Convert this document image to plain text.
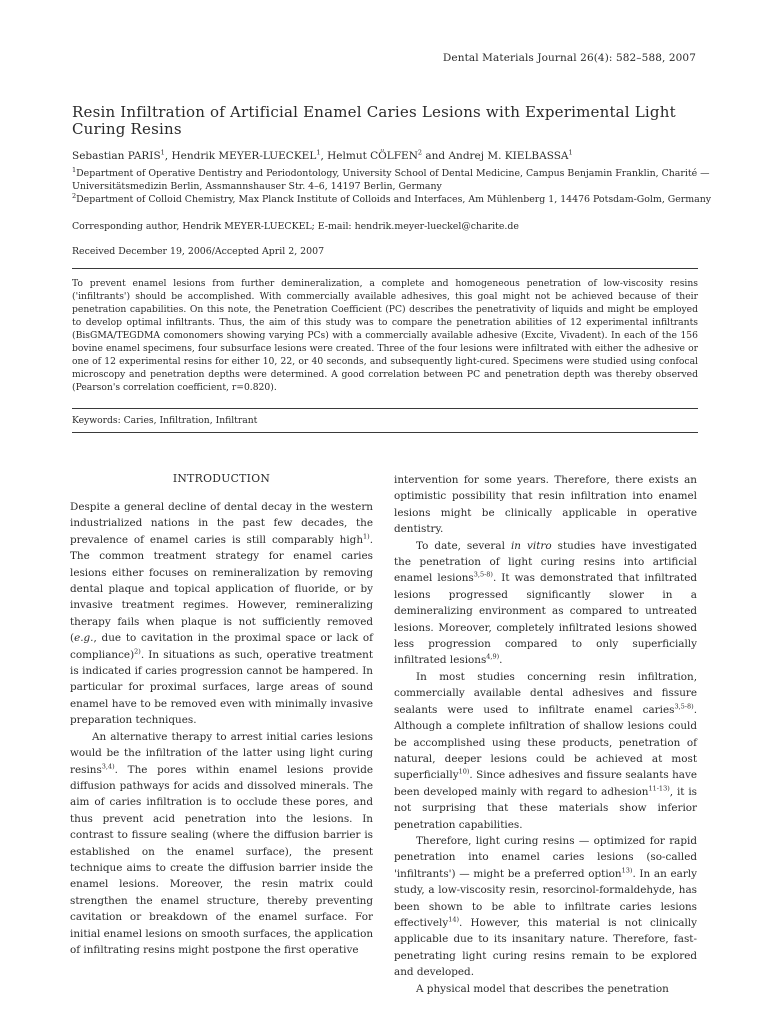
Dental Materials Journal 26(4): 582–588, 2007
Resin Infiltration of Artificial Enamel Caries Lesions with Experimental Light Curing Resins
Sebastian PARIS$^1$, Hendrik MEYER-LUECKEL$^1$, Helmut CÖLFEN$^2$ and Andrej M. KIELBASSA$^1$
$^1$Department of Operative Dentistry and Periodontology, University School of Dental Medicine, Campus Benjamin Franklin, Charité — Universitätsmedizin Berlin, Assmannshauser Str. 4–6, 14197 Berlin, Germany
$^2$Department of Colloid Chemistry, Max Planck Institute of Colloids and Interfaces, Am Mühlenberg 1, 14476 Potsdam-Golm, Germany
Corresponding author, Hendrik MEYER-LUECKEL; E-mail: hendrik.meyer-lueckel@charite.de
Received December 19, 2006/Accepted April 2, 2007

To prevent enamel lesions from further demineralization, a complete and homogeneous penetration of low-viscosity resins ('infiltrants') should be accomplished. With commercially available adhesives, this goal might not be achieved because of their penetration capabilities. On this note, the Penetration Coefficient (PC) describes the penetrativity of liquids and might be employed to develop optimal infiltrants. Thus, the aim of this study was to compare the penetration abilities of 12 experimental infiltrants (BisGMA/TEGDMA comonomers showing varying PCs) with a commercially available adhesive (Excite, Vivadent). In each of the 156 bovine enamel specimens, four subsurface lesions were created. Three of the four lesions were infiltrated with either the adhesive or one of 12 experimental resins for either 10, 22, or 40 seconds, and subsequently light-cured. Specimens were studied using confocal microscopy and penetration depths were determined. A good correlation between PC and penetration depth was thereby observed (Pearson's correlation coefficient, r=0.820).

Keywords: Caries, Infiltration, Infiltrant

INTRODUCTION

Despite a general decline of dental decay in the western industrialized nations in the past few decades, the prevalence of enamel caries is still comparably high$^{1)}$. The common treatment strategy for enamel caries lesions either focuses on remineralization by removing dental plaque and topical application of fluoride, or by invasive treatment regimes. However, remineralizing therapy fails when plaque is not sufficiently removed (e.g., due to cavitation in the proximal space or lack of compliance)$^{2)}$. In situations as such, operative treatment is indicated if caries progression cannot be hampered. In particular for proximal surfaces, large areas of sound enamel have to be removed even with minimally invasive preparation techniques.

An alternative therapy to arrest initial caries lesions would be the infiltration of the latter using light curing resins$^{3,4)}$. The pores within enamel lesions provide diffusion pathways for acids and dissolved minerals. The aim of caries infiltration is to occlude these pores, and thus prevent acid penetration into the lesions. In contrast to fissure sealing (where the diffusion barrier is established on the enamel surface), the present technique aims to create the diffusion barrier inside the enamel lesions. Moreover, the resin matrix could strengthen the enamel structure, thereby preventing cavitation or breakdown of the enamel surface. For initial enamel lesions on smooth surfaces, the application of infiltrating resins might postpone the first operative

intervention for some years. Therefore, there exists an optimistic possibility that resin infiltration into enamel lesions might be clinically applicable in operative dentistry.

To date, several in vitro studies have investigated the penetration of light curing resins into artificial enamel lesions$^{3,5-8)}$. It was demonstrated that infiltrated lesions progressed significantly slower in a demineralizing environment as compared to untreated lesions. Moreover, completely infiltrated lesions showed less progression compared to only superficially infiltrated lesions$^{4,9)}$.

In most studies concerning resin infiltration, commercially available dental adhesives and fissure sealants were used to infiltrate enamel caries$^{3,5-8)}$. Although a complete infiltration of shallow lesions could be accomplished using these products, penetration of natural, deeper lesions could be achieved at most superficially$^{10)}$. Since adhesives and fissure sealants have been developed mainly with regard to adhesion$^{11-13)}$, it is not surprising that these materials show inferior penetration capabilities.

Therefore, light curing resins — optimized for rapid penetration into enamel caries lesions (so-called 'infiltrants') — might be a preferred option$^{13)}$. In an early study, a low-viscosity resin, resorcinol-formaldehyde, has been shown to be able to infiltrate caries lesions effectively$^{14)}$. However, this material is not clinically applicable due to its insanitary nature. Therefore, fast-penetrating light curing resins remain to be explored and developed.

A physical model that describes the penetration
